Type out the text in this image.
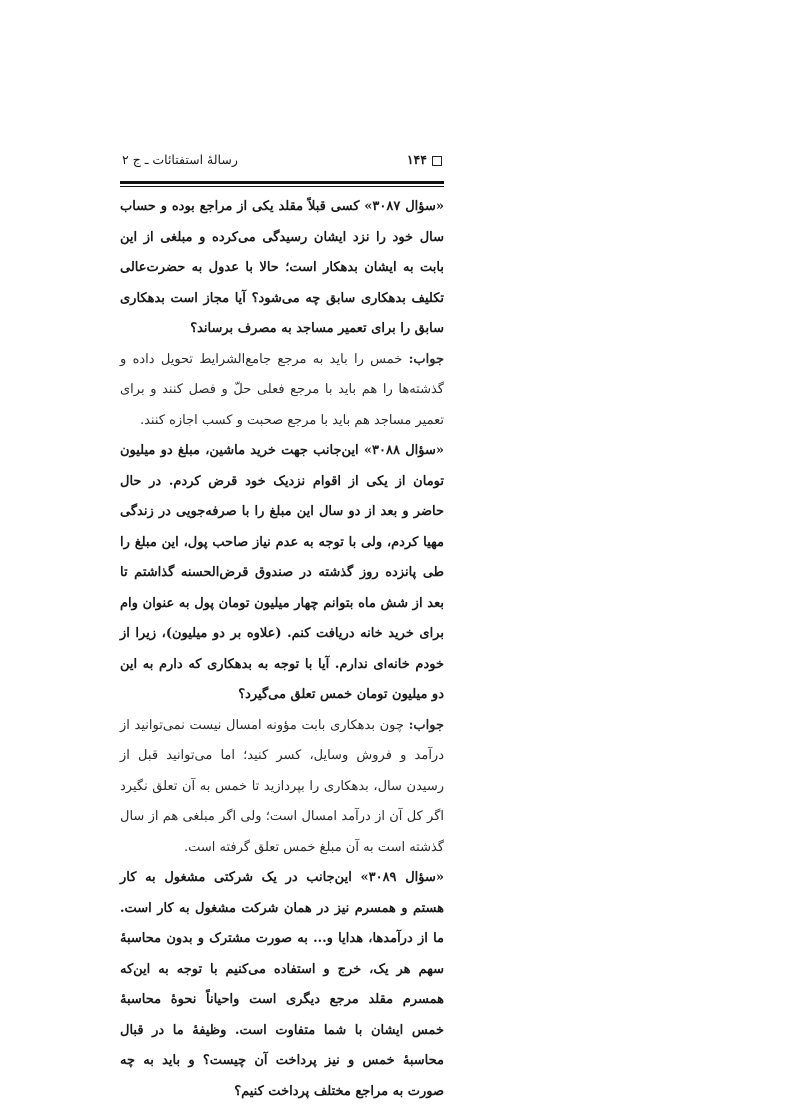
۱۴۴
رسالهٔ استفتائات ـ ج ۲

«سؤال ۳۰۸۷» کسی قبلاً مقلد یکی از مراجع بوده و حساب سال خود را نزد ایشان رسیدگی می‌کرده و مبلغی از این بابت به ایشان بدهکار است؛ حالا با عدول به حضرت‌عالی تکلیف بدهکاری سابق چه می‌شود؟ آیا مجاز است بدهکاری سابق را برای تعمیر مساجد به مصرف برساند؟

جواب: خمس را باید به مرجع جامع‌الشرایط تحویل داده و گذشته‌ها را هم باید با مرجع فعلی حلّ و فصل کنند و برای تعمیر مساجد هم باید با مرجع صحبت و کسب اجازه کنند.

«سؤال ۳۰۸۸» این‌جانب جهت خرید ماشین، مبلغ دو میلیون تومان از یکی از اقوام نزدیک خود قرض کردم. در حال حاضر و بعد از دو سال این مبلغ را با صرفه‌جویی در زندگی مهیا کردم، ولی با توجه به عدم نیاز صاحب پول، این مبلغ را طی پانزده روز گذشته در صندوق قرض‌الحسنه گذاشتم تا بعد از شش ماه بتوانم چهار میلیون تومان پول به عنوان وام برای خرید خانه دریافت کنم. (علاوه بر دو میلیون)، زیرا از خودم خانه‌ای ندارم. آیا با توجه به بدهکاری که دارم به این دو میلیون تومان خمس تعلق می‌گیرد؟

جواب: چون بدهکاری بابت مؤونه امسال نیست نمی‌توانید از درآمد و فروش وسایل، کسر کنید؛ اما می‌توانید قبل از رسیدن سال، بدهکاری را بپردازید تا خمس به آن تعلق نگیرد اگر کل آن از درآمد امسال است؛ ولی اگر مبلغی هم از سال گذشته است به آن مبلغ خمس تعلق گرفته است.

«سؤال ۳۰۸۹» این‌جانب در یک شرکتی مشغول به کار هستم و همسرم نیز در همان شرکت مشغول به کار است. ما از درآمدها، هدایا و... به صورت مشترک و بدون محاسبهٔ سهم هر یک، خرج و استفاده می‌کنیم با توجه به این‌که همسرم مقلد مرجع دیگری است واحیاناً نحوهٔ محاسبهٔ خمس ایشان با شما متفاوت است. وظیفهٔ ما در قبال محاسبهٔ خمس و نیز پرداخت آن چیست؟ و باید به چه صورت به مراجع مختلف پرداخت کنیم؟
